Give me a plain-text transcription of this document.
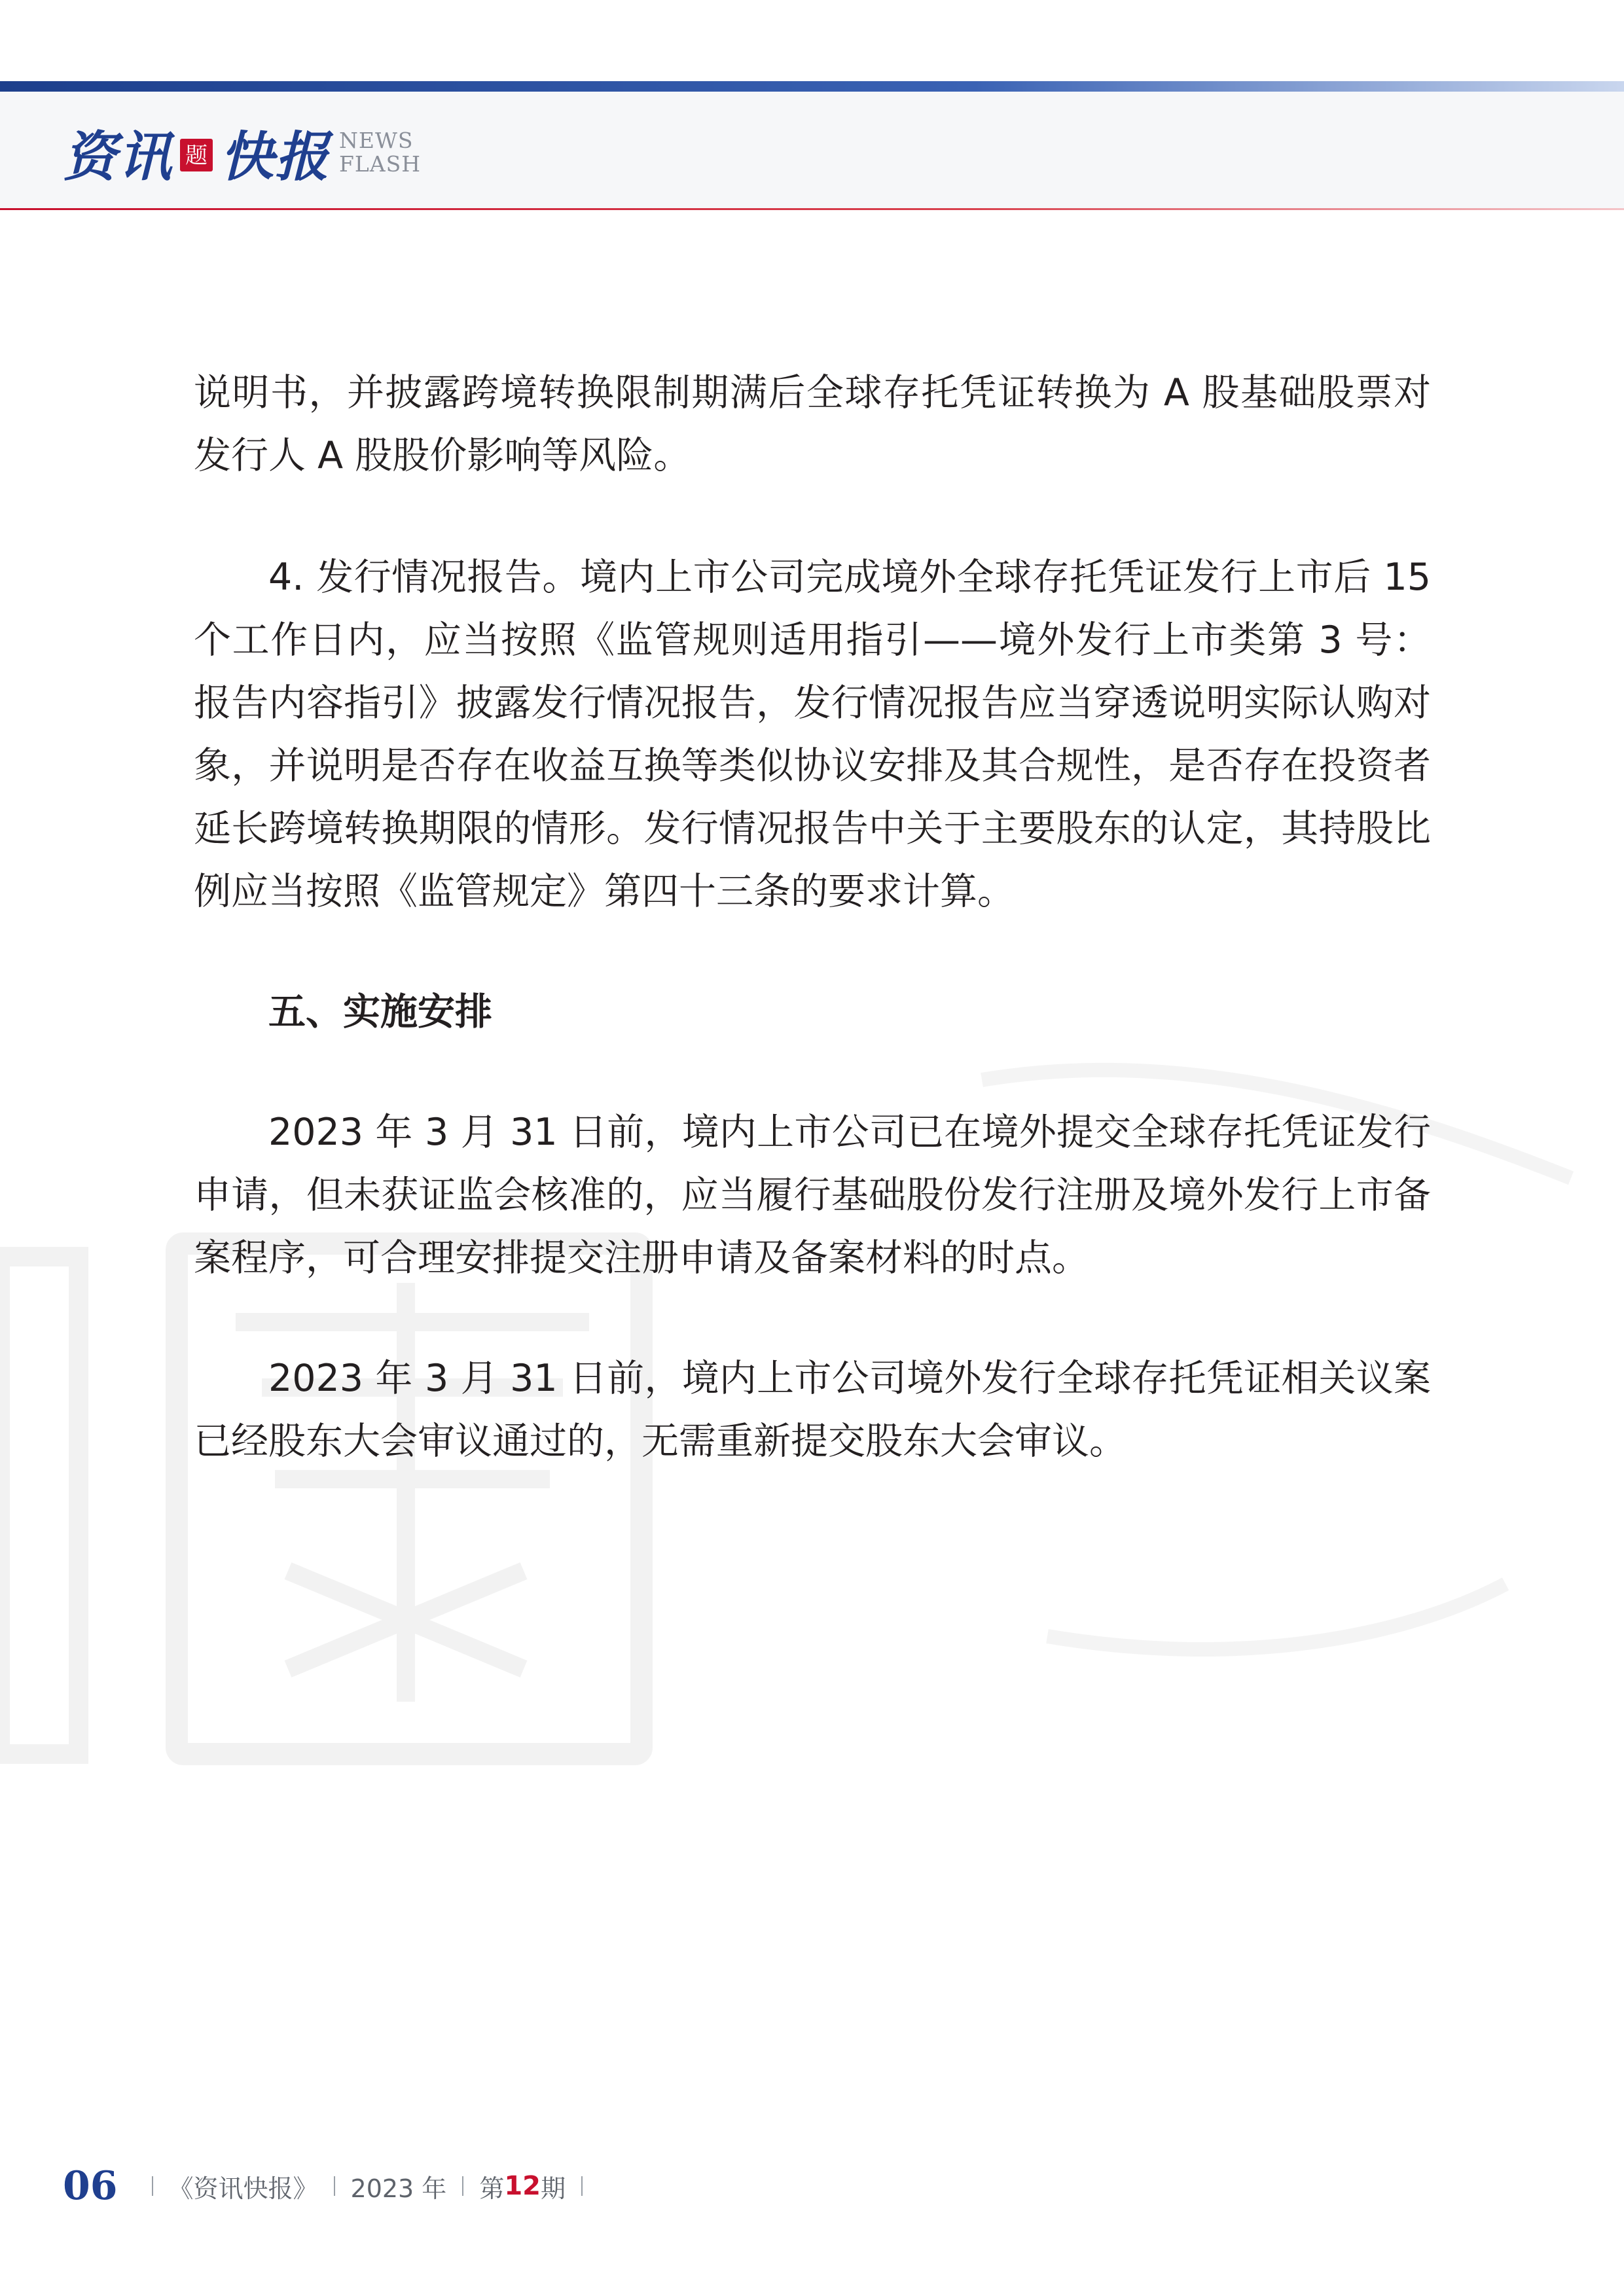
资讯 题 快报 NEWS
FLASH

说明书，并披露跨境转换限制期满后全球存托凭证转换为 A 股基础股票对发行人 A 股股价影响等风险。

4. 发行情况报告。境内上市公司完成境外全球存托凭证发行上市后 15 个工作日内，应当按照《监管规则适用指引——境外发行上市类第 3 号：报告内容指引》披露发行情况报告，发行情况报告应当穿透说明实际认购对象，并说明是否存在收益互换等类似协议安排及其合规性，是否存在投资者延长跨境转换期限的情形。发行情况报告中关于主要股东的认定，其持股比例应当按照《监管规定》第四十三条的要求计算。

五、实施安排

2023 年 3 月 31 日前，境内上市公司已在境外提交全球存托凭证发行申请，但未获证监会核准的，应当履行基础股份发行注册及境外发行上市备案程序，可合理安排提交注册申请及备案材料的时点。

2023 年 3 月 31 日前，境内上市公司境外发行全球存托凭证相关议案已经股东大会审议通过的，无需重新提交股东大会审议。

06 《资讯快报》 2023 年 第 12 期
